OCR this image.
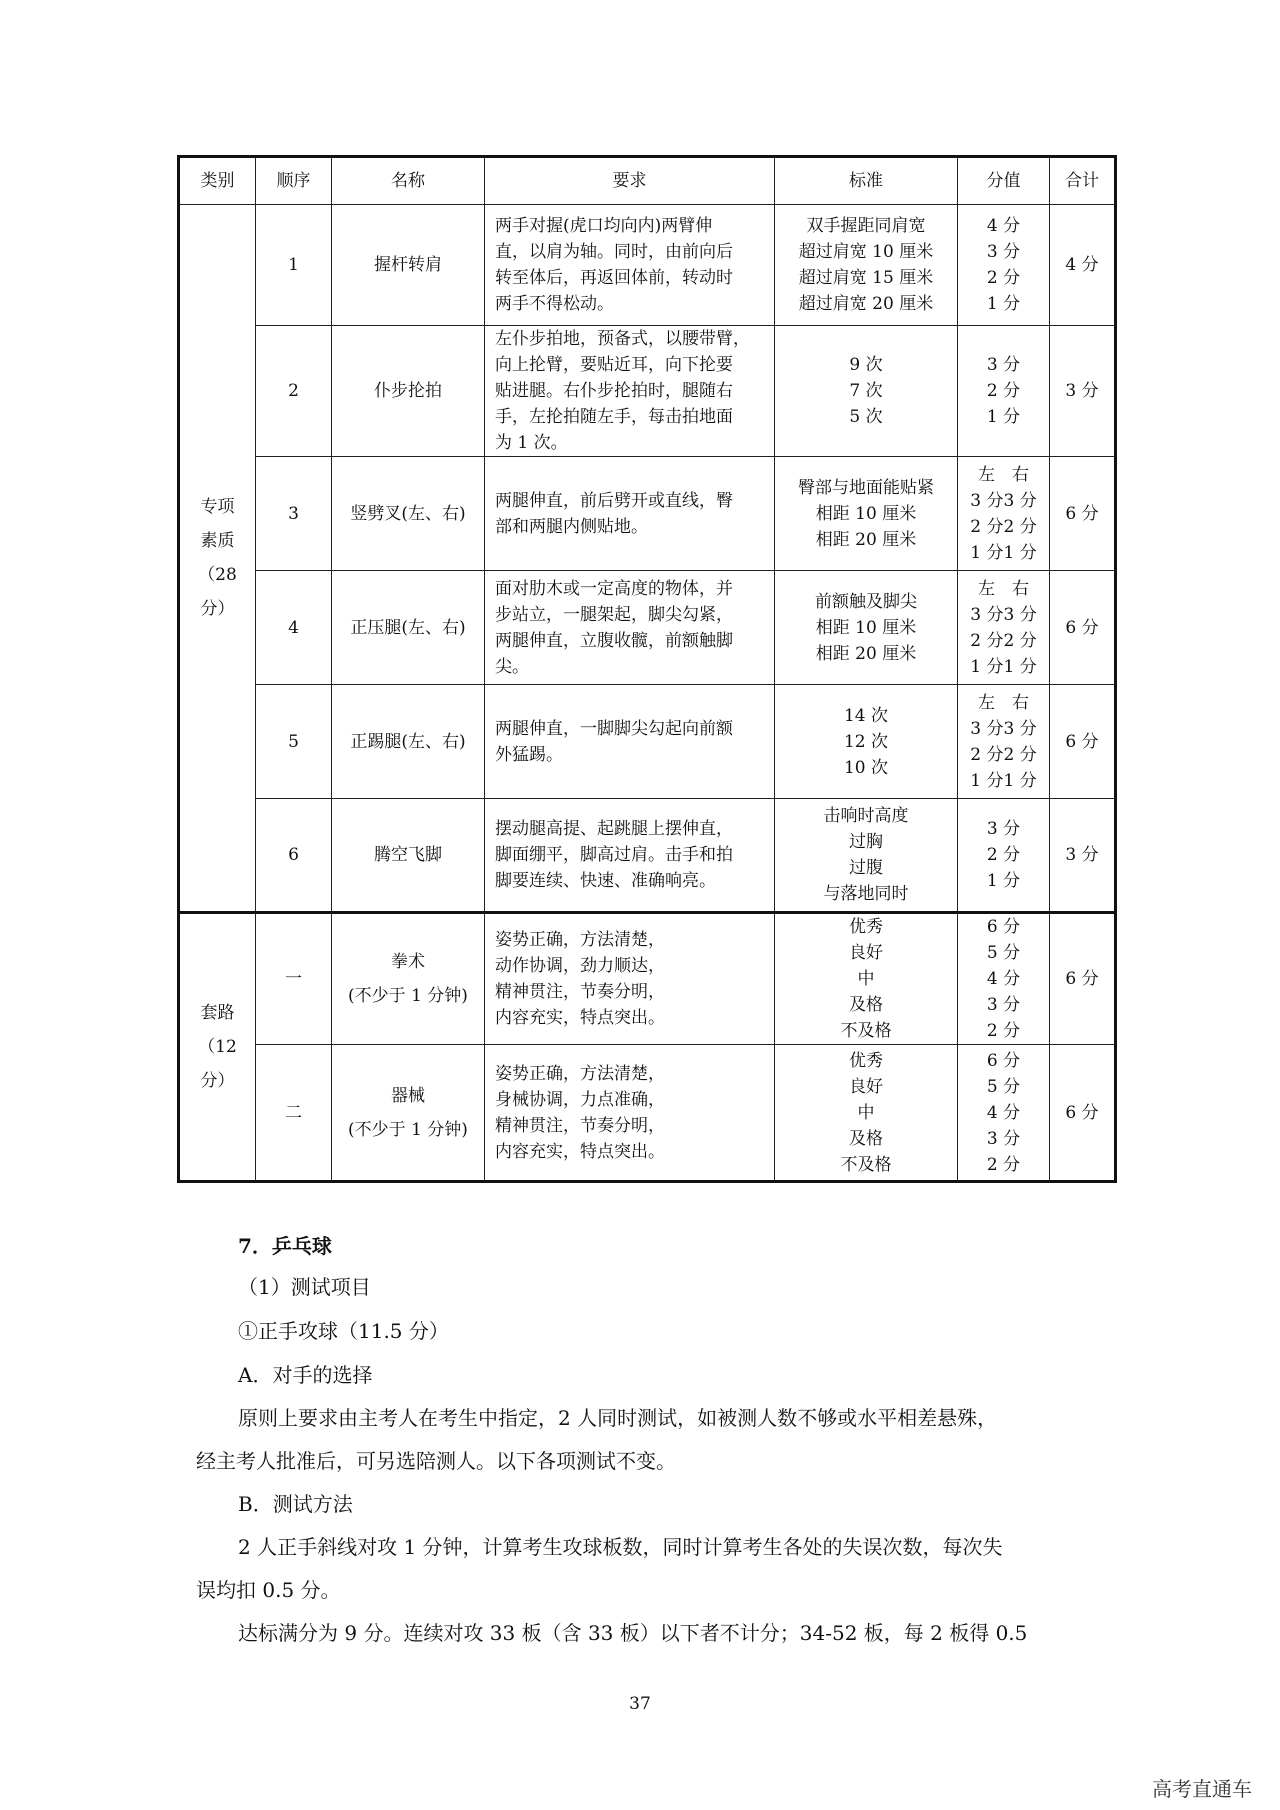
类别	顺序	名称	要求	标准	分值	合计

专项
素质
（28
分）	1	握杆转肩	两手对握(虎口均向内)两臂伸
直，以肩为轴。同时，由前向后
转至体后，再返回体前，转动时
两手不得松动。	双手握距同肩宽
超过肩宽 10 厘米
超过肩宽 15 厘米
超过肩宽 20 厘米	4 分
3 分
2 分
1 分	4 分
	2	仆步抡拍	左仆步拍地，预备式，以腰带臂，
向上抡臂，要贴近耳，向下抡要
贴进腿。右仆步抡拍时，腿随右
手，左抡拍随左手，每击拍地面
为 1 次。	9 次
7 次
5 次	3 分
2 分
1 分	3 分
	3	竖劈叉(左、右)	两腿伸直，前后劈开或直线，臀
部和两腿内侧贴地。	臀部与地面能贴紧
相距 10 厘米
相距 20 厘米	左 右
3 分3 分
2 分2 分
1 分1 分	6 分
	4	正压腿(左、右)	面对肋木或一定高度的物体，并
步站立，一腿架起，脚尖勾紧，
两腿伸直，立腹收髋，前额触脚
尖。	前额触及脚尖
相距 10 厘米
相距 20 厘米	左 右
3 分3 分
2 分2 分
1 分1 分	6 分
	5	正踢腿(左、右)	两腿伸直，一脚脚尖勾起向前额
外猛踢。	14 次
12 次
10 次	左 右
3 分3 分
2 分2 分
1 分1 分	6 分
	6	腾空飞脚	摆动腿高提、起跳腿上摆伸直，
脚面绷平，脚高过肩。击手和拍
脚要连续、快速、准确响亮。	击响时高度
过胸
过腹
与落地同时	3 分
2 分
1 分	3 分

套路
（12
分）	一	拳术
(不少于 1 分钟)	姿势正确，方法清楚，
动作协调，劲力顺达，
精神贯注，节奏分明，
内容充实，特点突出。	优秀
良好
中
及格
不及格	6 分
5 分
4 分
3 分
2 分	6 分
	二	器械
(不少于 1 分钟)	姿势正确，方法清楚，
身械协调，力点准确，
精神贯注，节奏分明，
内容充实，特点突出。	优秀
良好
中
及格
不及格	6 分
5 分
4 分
3 分
2 分	6 分
7．乒乓球
（1）测试项目
①正手攻球（11.5 分）
A．对手的选择
原则上要求由主考人在考生中指定，2 人同时测试，如被测人数不够或水平相差悬殊，
经主考人批准后，可另选陪测人。以下各项测试不变。
B．测试方法
2 人正手斜线对攻 1 分钟，计算考生攻球板数，同时计算考生各处的失误次数，每次失
误均扣 0.5 分。
达标满分为 9 分。连续对攻 33 板（含 33 板）以下者不计分；34-52 板，每 2 板得 0.5
37
高考直通车
